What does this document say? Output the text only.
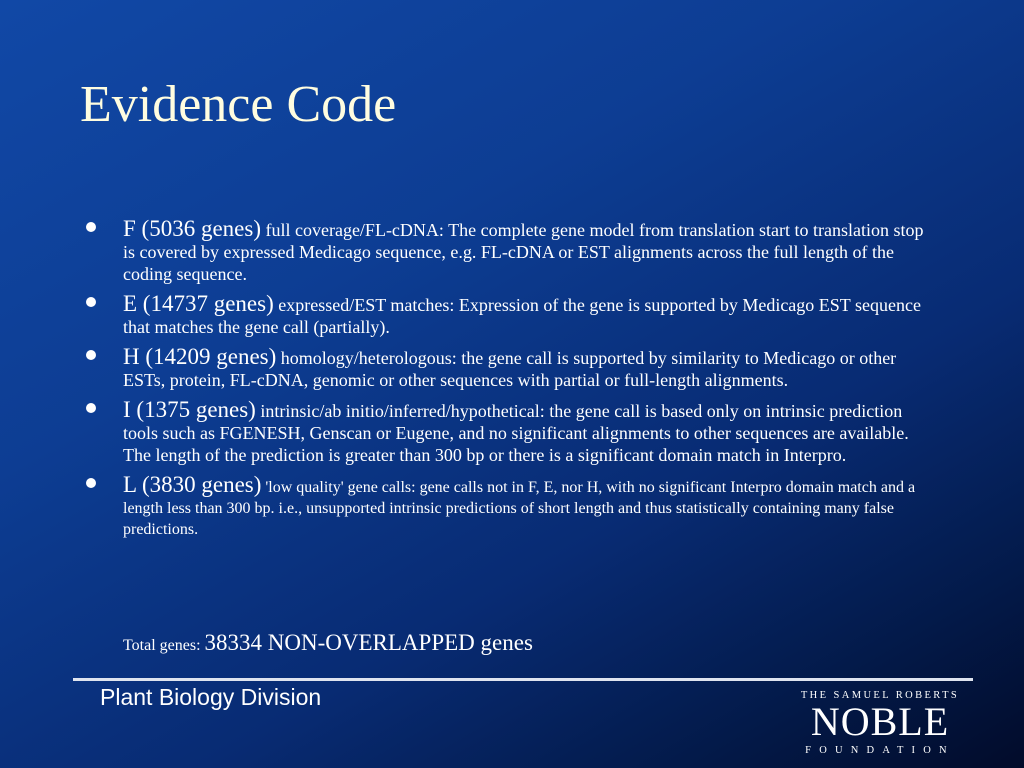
Evidence Code
F (5036 genes) full coverage/FL-cDNA: The complete gene model from translation start to translation stop is covered by expressed Medicago sequence, e.g. FL-cDNA or EST alignments across the full length of the coding sequence.
E (14737 genes) expressed/EST matches: Expression of the gene is supported by Medicago EST sequence that matches the gene call (partially).
H (14209 genes) homology/heterologous: the gene call is supported by similarity to Medicago or other ESTs, protein, FL-cDNA, genomic or other sequences with partial or full-length alignments.
I (1375 genes) intrinsic/ab initio/inferred/hypothetical: the gene call is based only on intrinsic prediction tools such as FGENESH, Genscan or Eugene, and no significant alignments to other sequences are available. The length of the prediction is greater than 300 bp or there is a significant domain match in Interpro.
L (3830 genes) 'low quality' gene calls: gene calls not in F, E, nor H, with no significant Interpro domain match and a length less than 300 bp. i.e., unsupported intrinsic predictions of short length and thus statistically containing many false predictions.
Total genes: 38334 NON-OVERLAPPED genes
Plant Biology Division	THE SAMUEL ROBERTS
NOBLE
FOUNDATION
